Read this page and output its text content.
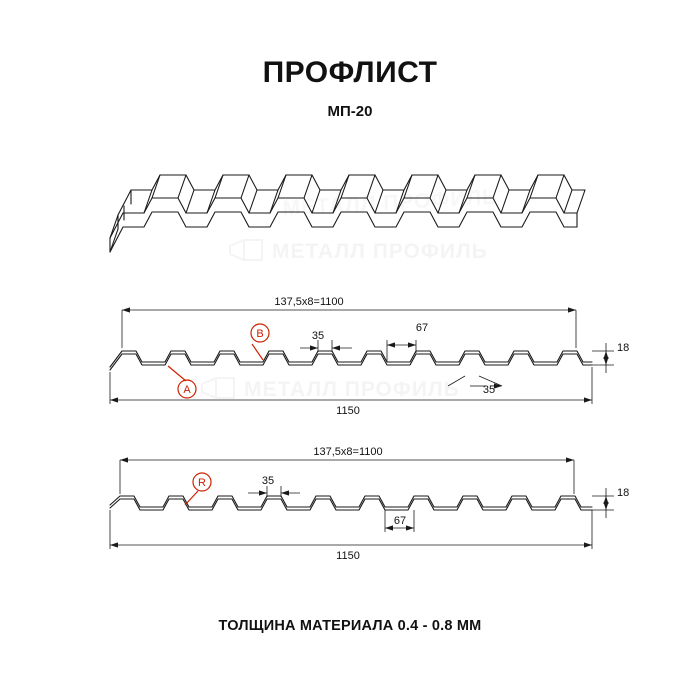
ПРОФЛИСТ
МП-20
ТОЛЩИНА МАТЕРИАЛА 0.4 - 0.8 ММ
МЕТАЛЛ ПРОФИЛЬ
МЕТАЛЛ ПРОФИЛЬ
МЕТАЛЛ ПРОФИЛЬ
A
B
R
137,5х8=1100
1150
18
35
67
35
137,5х8=1100
1150
18
35
67
